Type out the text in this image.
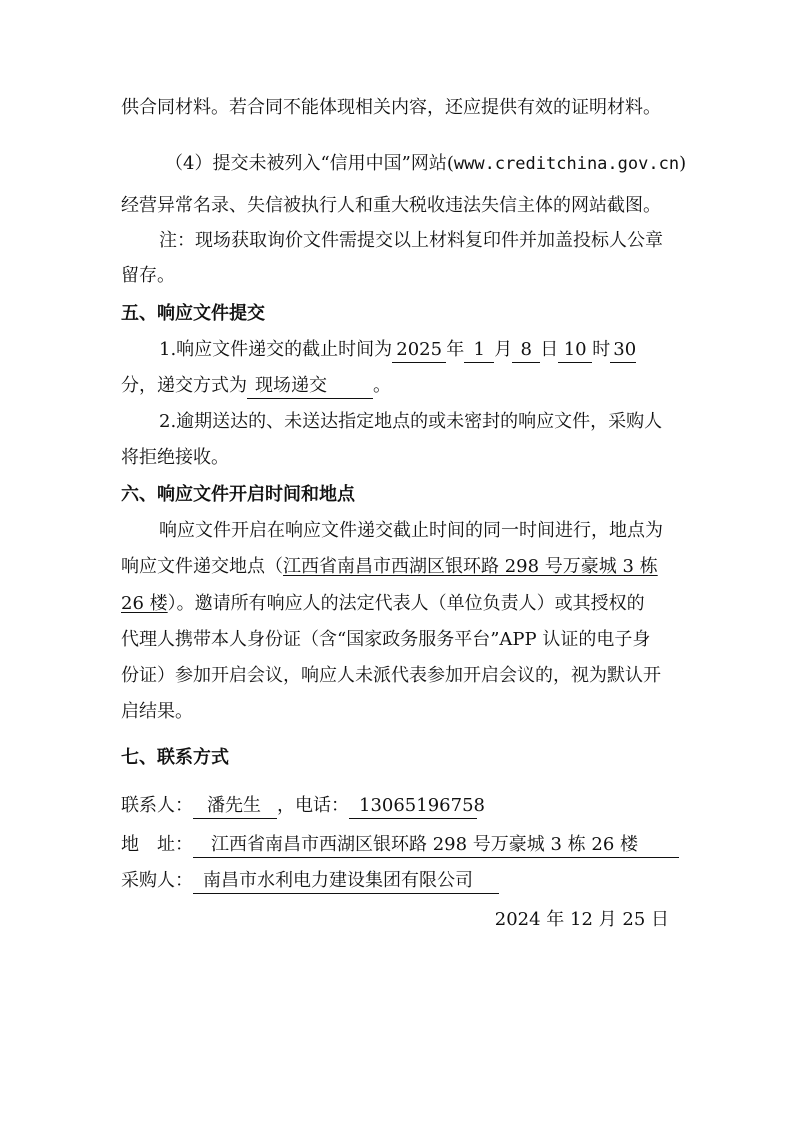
供合同材料。若合同不能体现相关内容，还应提供有效的证明材料。
（4）提交未被列入“信用中国”网站(www.creditchina.gov.cn)
经营异常名录、失信被执行人和重大税收违法失信主体的网站截图。
注：现场获取询价文件需提交以上材料复印件并加盖投标人公章
留存。
五、响应文件提交
1.响应文件递交的截止时间为 2025 年 1 月 8 日 10 时 30
分，递交方式为 现场递交	。
2.逾期送达的、未送达指定地点的或未密封的响应文件，采购人
将拒绝接收。
六、响应文件开启时间和地点
响应文件开启在响应文件递交截止时间的同一时间进行，地点为
响应文件递交地点（江西省南昌市西湖区银环路 298 号万豪城 3 栋
26 楼）。邀请所有响应人的法定代表人（单位负责人）或其授权的
代理人携带本人身份证（含“国家政务服务平台”APP 认证的电子身
份证）参加开启会议，响应人未派代表参加开启会议的，视为默认开
启结果。
七、联系方式
联系人： 潘先生 ，电话： 13065196758
地　址： 江西省南昌市西湖区银环路 298 号万豪城 3 栋 26 楼
采购人： 南昌市水利电力建设集团有限公司
2024 年 12 月 25 日
